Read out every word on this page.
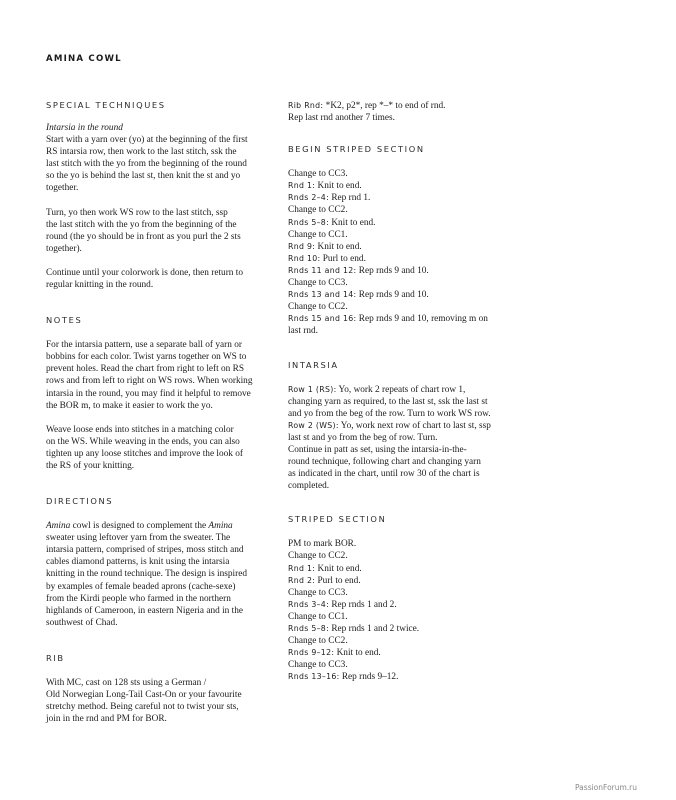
AMINA COWL
SPECIAL TECHNIQUES
Intarsia in the round
Start with a yarn over (yo) at the beginning of the first
RS intarsia row, then work to the last stitch, ssk the
last stitch with the yo from the beginning of the round
so the yo is behind the last st, then knit the st and yo
together.
Turn, yo then work WS row to the last stitch, ssp
the last stitch with the yo from the beginning of the
round (the yo should be in front as you purl the 2 sts
together).
Continue until your colorwork is done, then return to
regular knitting in the round.
NOTES
For the intarsia pattern, use a separate ball of yarn or
bobbins for each color. Twist yarns together on WS to
prevent holes. Read the chart from right to left on RS
rows and from left to right on WS rows. When working
intarsia in the round, you may find it helpful to remove
the BOR m, to make it easier to work the yo.
Weave loose ends into stitches in a matching color
on the WS. While weaving in the ends, you can also
tighten up any loose stitches and improve the look of
the RS of your knitting.
DIRECTIONS
Amina cowl is designed to complement the Amina
sweater using leftover yarn from the sweater. The
intarsia pattern, comprised of stripes, moss stitch and
cables diamond patterns, is knit using the intarsia
knitting in the round technique. The design is inspired
by examples of female beaded aprons (cache-sexe)
from the Kirdi people who farmed in the northern
highlands of Cameroon, in eastern Nigeria and in the
southwest of Chad.
RIB
With MC, cast on 128 sts using a German /
Old Norwegian Long-Tail Cast-On or your favourite
stretchy method. Being careful not to twist your sts,
join in the rnd and PM for BOR.
Rib Rnd: *K2, p2*, rep *–* to end of rnd.
Rep last rnd another 7 times.
BEGIN STRIPED SECTION
Change to CC3.
Rnd 1: Knit to end.
Rnds 2–4: Rep rnd 1.
Change to CC2.
Rnds 5–8: Knit to end.
Change to CC1.
Rnd 9: Knit to end.
Rnd 10: Purl to end.
Rnds 11 and 12: Rep rnds 9 and 10.
Change to CC3.
Rnds 13 and 14: Rep rnds 9 and 10.
Change to CC2.
Rnds 15 and 16: Rep rnds 9 and 10, removing m on
last rnd.
INTARSIA
Row 1 (RS): Yo, work 2 repeats of chart row 1,
changing yarn as required, to the last st, ssk the last st
and yo from the beg of the row. Turn to work WS row.
Row 2 (WS): Yo, work next row of chart to last st, ssp
last st and yo from the beg of row. Turn.
Continue in patt as set, using the intarsia-in-the-
round technique, following chart and changing yarn
as indicated in the chart, until row 30 of the chart is
completed.
STRIPED SECTION
PM to mark BOR.
Change to CC2.
Rnd 1: Knit to end.
Rnd 2: Purl to end.
Change to CC3.
Rnds 3–4: Rep rnds 1 and 2.
Change to CC1.
Rnds 5–8: Rep rnds 1 and 2 twice.
Change to CC2.
Rnds 9–12: Knit to end.
Change to CC3.
Rnds 13–16: Rep rnds 9–12.
PassionForum.ru
